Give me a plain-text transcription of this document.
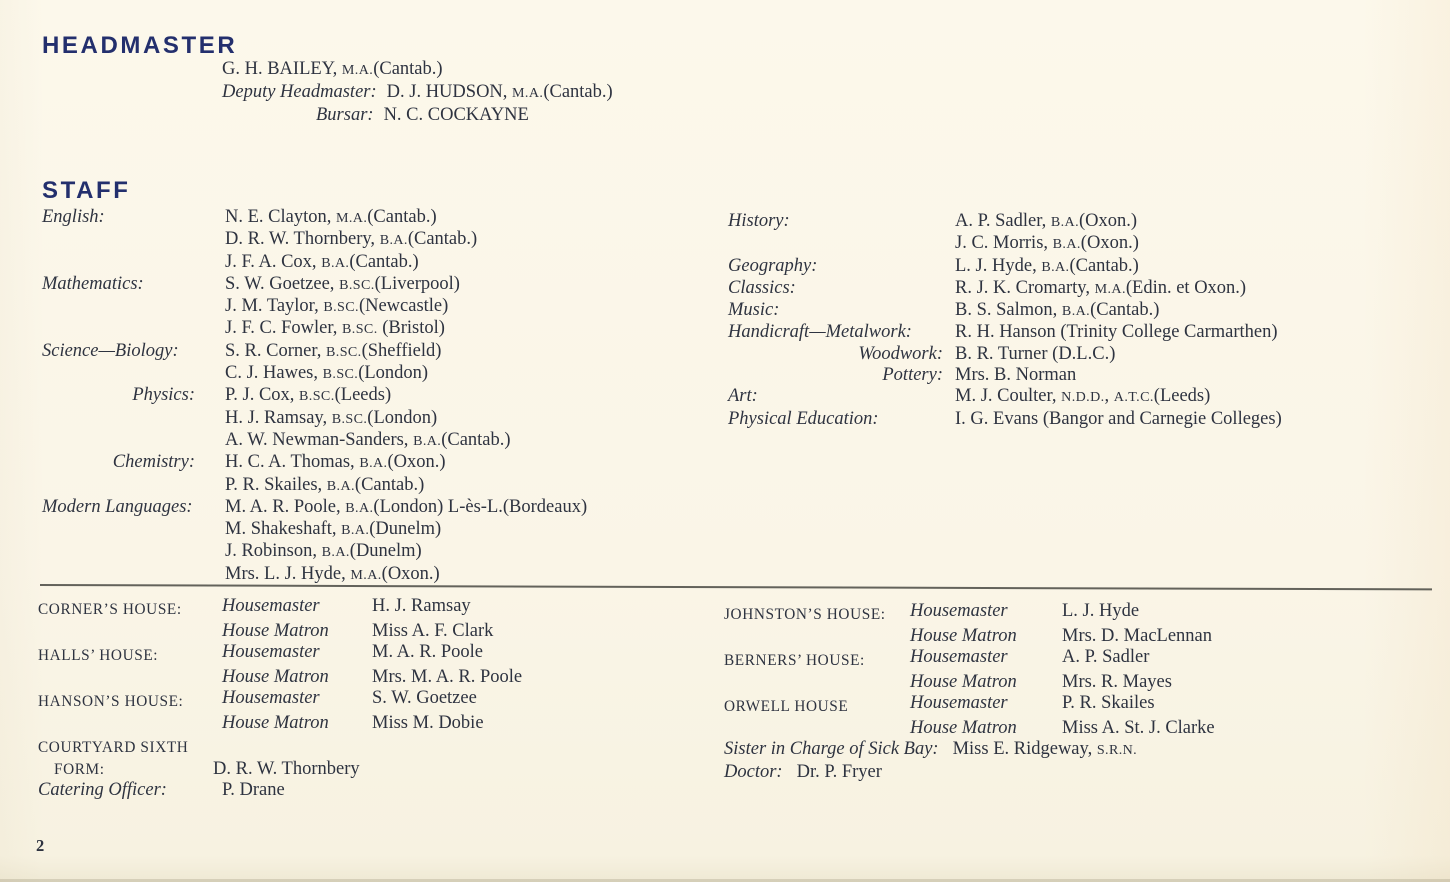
HEADMASTER
G. H. BAILEY, M.A.(Cantab.)
Deputy Headmaster: D. J. HUDSON, M.A.(Cantab.)
Bursar: N. C. COCKAYNE
STAFF
English:	N. E. Clayton, M.A.(Cantab.)
D. R. W. Thornbery, B.A.(Cantab.)
J. F. A. Cox, B.A.(Cantab.)
Mathematics:	S. W. Goetzee, B.SC.(Liverpool)
J. M. Taylor, B.SC.(Newcastle)
J. F. C. Fowler, B.SC. (Bristol)
Science—Biology:	S. R. Corner, B.SC.(Sheffield)
C. J. Hawes, B.SC.(London)
Physics:	P. J. Cox, B.SC.(Leeds)
H. J. Ramsay, B.SC.(London)
A. W. Newman-Sanders, B.A.(Cantab.)
Chemistry:	H. C. A. Thomas, B.A.(Oxon.)
P. R. Skailes, B.A.(Cantab.)
Modern Languages:	M. A. R. Poole, B.A.(London) L-ès-L.(Bordeaux)
M. Shakeshaft, B.A.(Dunelm)
J. Robinson, B.A.(Dunelm)
Mrs. L. J. Hyde, M.A.(Oxon.)
History:	A. P. Sadler, B.A.(Oxon.)
J. C. Morris, B.A.(Oxon.)
Geography:	L. J. Hyde, B.A.(Cantab.)
Classics:	R. J. K. Cromarty, M.A.(Edin. et Oxon.)
Music:	B. S. Salmon, B.A.(Cantab.)
Handicraft—Metalwork:	R. H. Hanson (Trinity College Carmarthen)
Woodwork: B. R. Turner (D.L.C.)
Pottery: Mrs. B. Norman
Art:	M. J. Coulter, N.D.D., A.T.C.(Leeds)
Physical Education:	I. G. Evans (Bangor and Carnegie Colleges)
CORNER’S HOUSE:	Housemaster	H. J. Ramsay
House Matron	Miss A. F. Clark
HALLS’ HOUSE:	Housemaster	M. A. R. Poole
House Matron	Mrs. M. A. R. Poole
HANSON’S HOUSE:	Housemaster	S. W. Goetzee
House Matron	Miss M. Dobie
COURTYARD SIXTH FORM:	D. R. W. Thornbery
Catering Officer:	P. Drane
JOHNSTON’S HOUSE:	Housemaster	L. J. Hyde
House Matron	Mrs. D. MacLennan
BERNERS’ HOUSE:	Housemaster	A. P. Sadler
House Matron	Mrs. R. Mayes
ORWELL HOUSE	Housemaster	P. R. Skailes
House Matron	Miss A. St. J. Clarke
Sister in Charge of Sick Bay: Miss E. Ridgeway, S.R.N.
Doctor: Dr. P. Fryer
2
